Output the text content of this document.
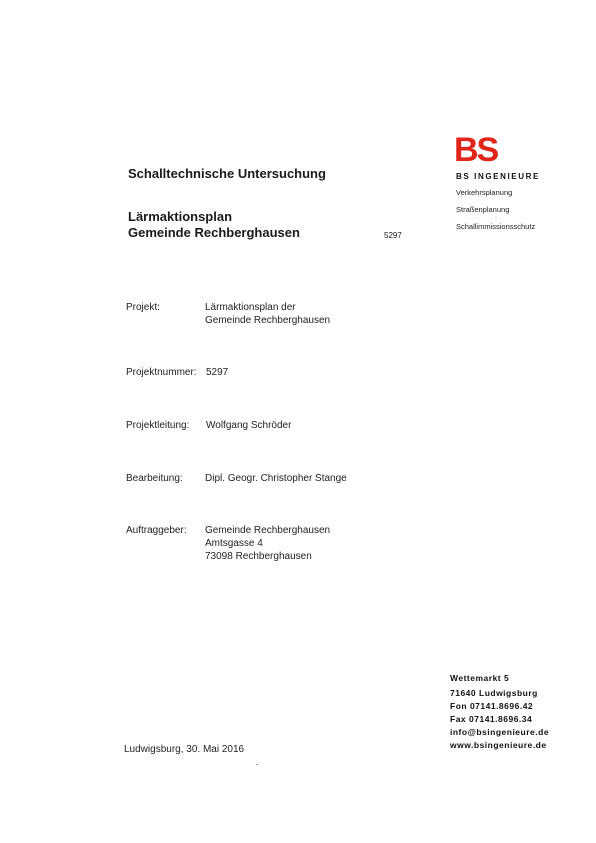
BS
BS INGENIEURE
Verkehrsplanung
Straßenplanung
Schallimmissionsschutz
Schalltechnische Untersuchung
Lärmaktionsplan
Gemeinde Rechberghausen	5297
Projekt:	Lärmaktionsplan der
Gemeinde Rechberghausen
Projektnummer: 5297
Projektleitung: Wolfgang Schröder
Bearbeitung: Dipl. Geogr. Christopher Stange
Auftraggeber: Gemeinde Rechberghausen
Amtsgasse 4
73098 Rechberghausen
Wettemarkt 5
71640 Ludwigsburg
Fon 07141.8696.42
Fax 07141.8696.34
info@bsingenieure.de
www.bsingenieure.de
Ludwigsburg, 30. Mai 2016
